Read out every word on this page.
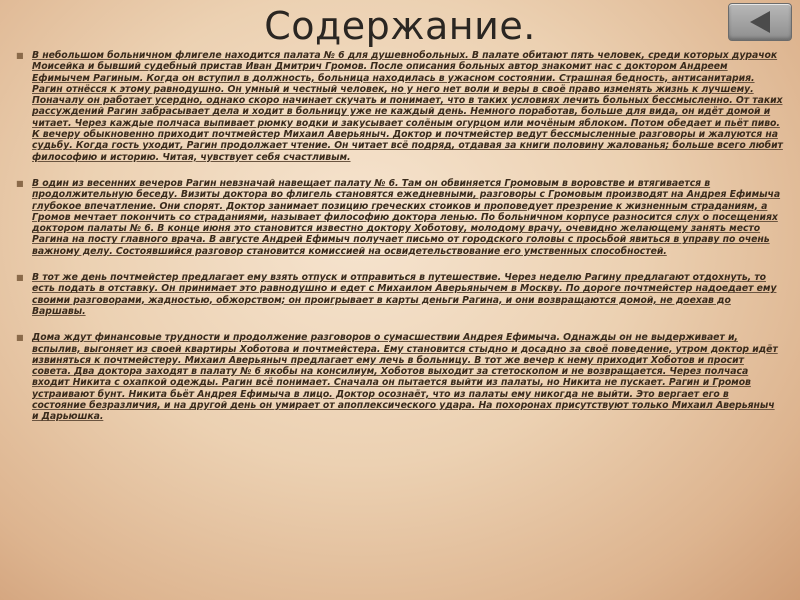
Содержание.

■ В небольшом больничном флигеле находится палата № 6 для душевнобольных. В палате обитают пять человек, среди которых дурачок Моисейка и бывший судебный пристав Иван Дмитрич Громов. После описания больных автор знакомит нас с доктором Андреем Ефимычем Рагиным. Когда он вступил в должность, больница находилась в ужасном состоянии. Страшная бедность, антисанитария. Рагин отнёсся к этому равнодушно. Он умный и честный человек, но у него нет воли и веры в своё право изменять жизнь к лучшему. Поначалу он работает усердно, однако скоро начинает скучать и понимает, что в таких условиях лечить больных бессмысленно. От таких рассуждений Рагин забрасывает дела и ходит в больницу уже не каждый день. Немного поработав, больше для вида, он идёт домой и читает. Через каждые полчаса выпивает рюмку водки и закусывает солёным огурцом или мочёным яблоком. Потом обедает и пьёт пиво. К вечеру обыкновенно приходит почтмейстер Михаил Аверьяныч. Доктор и почтмейстер ведут бессмысленные разговоры и жалуются на судьбу. Когда гость уходит, Рагин продолжает чтение. Он читает всё подряд, отдавая за книги половину жалованья; больше всего любит философию и историю. Читая, чувствует себя счастливым.

■ В один из весенних вечеров Рагин невзначай навещает палату № 6. Там он обвиняется Громовым в воровстве и втягивается в продолжительную беседу. Визиты доктора во флигель становятся ежедневными, разговоры с Громовым производят на Андрея Ефимыча глубокое впечатление. Они спорят. Доктор занимает позицию греческих стоиков и проповедует презрение к жизненным страданиям, а Громов мечтает покончить со страданиями, называет философию доктора ленью. По больничном корпусе разносится слух о посещениях доктором палаты № 6. В конце июня это становится известно доктору Хоботову, молодому врачу, очевидно желающему занять место Рагина на посту главного врача. В августе Андрей Ефимыч получает письмо от городского головы с просьбой явиться в управу по очень важному делу. Состоявшийся разговор становится комиссией на освидетельствование его умственных способностей.

■ В тот же день почтмейстер предлагает ему взять отпуск и отправиться в путешествие. Через неделю Рагину предлагают отдохнуть, то есть подать в отставку. Он принимает это равнодушно и едет с Михаилом Аверьянычем в Москву. По дороге почтмейстер надоедает ему своими разговорами, жадностью, обжорством; он проигрывает в карты деньги Рагина, и они возвращаются домой, не доехав до Варшавы.

■ Дома ждут финансовые трудности и продолжение разговоров о сумасшествии Андрея Ефимыча. Однажды он не выдерживает и, вспылив, выгоняет из своей квартиры Хоботова и почтмейстера. Ему становится стыдно и досадно за своё поведение, утром доктор идёт извиняться к почтмейстеру. Михаил Аверьяныч предлагает ему лечь в больницу. В тот же вечер к нему приходит Хоботов и просит совета. Два доктора заходят в палату № 6 якобы на консилиум, Хоботов выходит за стетоскопом и не возвращается. Через полчаса входит Никита с охапкой одежды. Рагин всё понимает. Сначала он пытается выйти из палаты, но Никита не пускает. Рагин и Громов устраивают бунт. Никита бьёт Андрея Ефимыча в лицо. Доктор осознаёт, что из палаты ему никогда не выйти. Это вергает его в состояние безразличия, и на другой день он умирает от апоплексического удара. На похоронах присутствуют только Михаил Аверьяныч и Дарьюшка.
